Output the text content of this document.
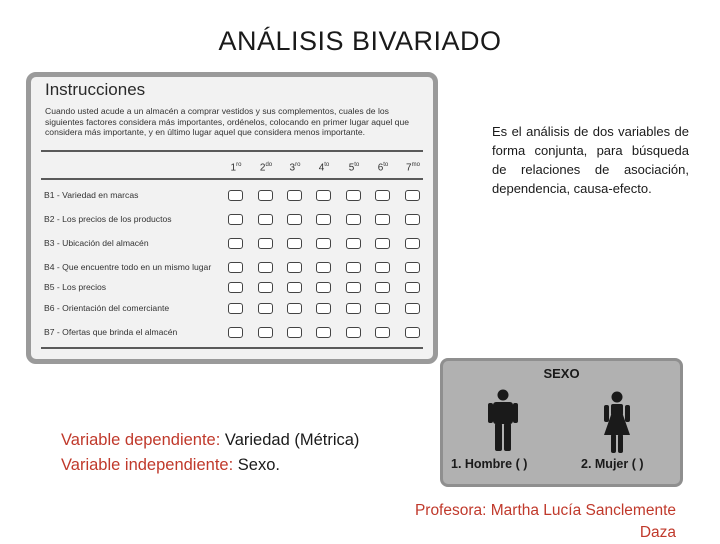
ANÁLISIS BIVARIADO
Instrucciones
Cuando usted acude a un almacén a comprar vestidos y sus complementos, cuales de los siguientes factores considera más importantes, ordénelos, colocando en primer lugar aquel que considera más importante, y en último lugar aquel que considera menos importante.
$1^{ro}$	$2^{do}$	$3^{ro}$	$4^{to}$	$5^{to}$	$6^{to}$	$7^{mo}$
B1 - Variedad en marcas
B2 - Los precios de los productos
B3 - Ubicación del almacén
B4 - Que encuentre todo en un mismo lugar
B5 - Los precios
B6 - Orientación del comerciante
B7 - Ofertas que brinda el almacén
Es el análisis de dos variables de forma conjunta, para búsqueda de relaciones de asociación, dependencia, causa-efecto.
SEXO
1. Hombre ( )	2. Mujer ( )
Variable dependiente: Variedad (Métrica)
Variable independiente: Sexo.
Profesora: Martha Lucía Sanclemente
Daza
